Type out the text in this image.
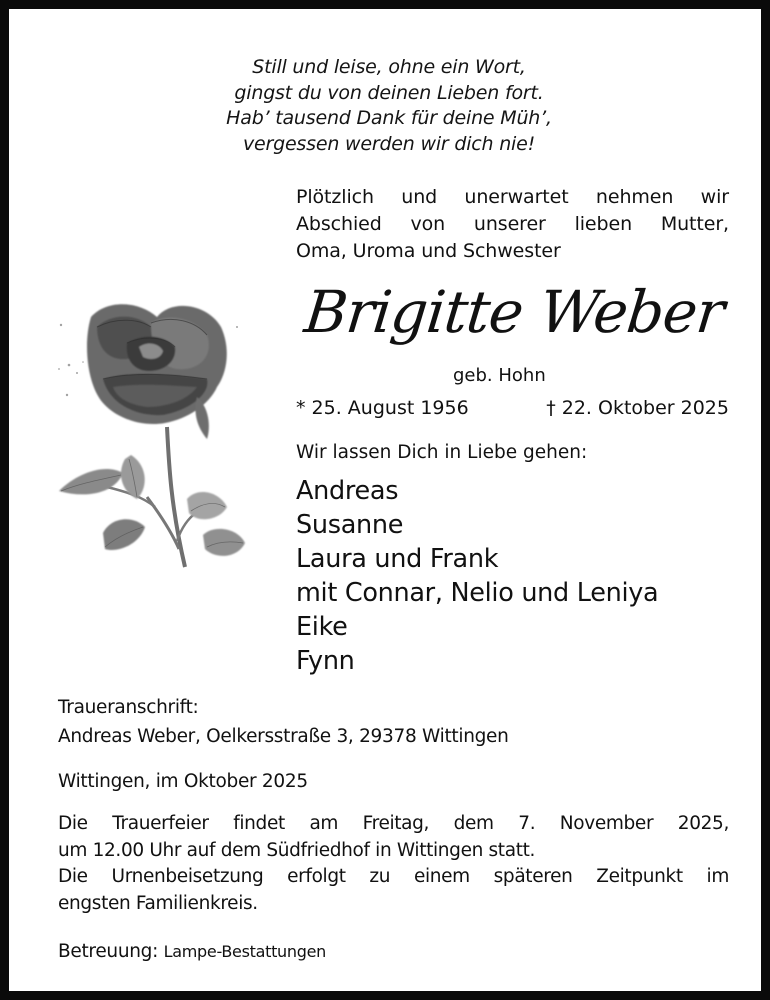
Still und leise, ohne ein Wort,
gingst du von deinen Lieben fort.
Hab’ tausend Dank für deine Müh’,
vergessen werden wir dich nie!
Plötzlich und unerwartet nehmen wir
Abschied von unserer lieben Mutter,
Oma, Uroma und Schwester
Brigitte Weber
geb. Hohn
* 25. August 1956	† 22. Oktober 2025
Wir lassen Dich in Liebe gehen:
Andreas
Susanne
Laura und Frank
mit Connar, Nelio und Leniya
Eike
Fynn
Traueranschrift:
Andreas Weber, Oelkersstraße 3, 29378 Wittingen
Wittingen, im Oktober 2025
Die Trauerfeier findet am Freitag, dem 7. November 2025,
um 12.00 Uhr auf dem Südfriedhof in Wittingen statt.
Die Urnenbeisetzung erfolgt zu einem späteren Zeitpunkt im
engsten Familienkreis.
Betreuung: Lampe-Bestattungen
